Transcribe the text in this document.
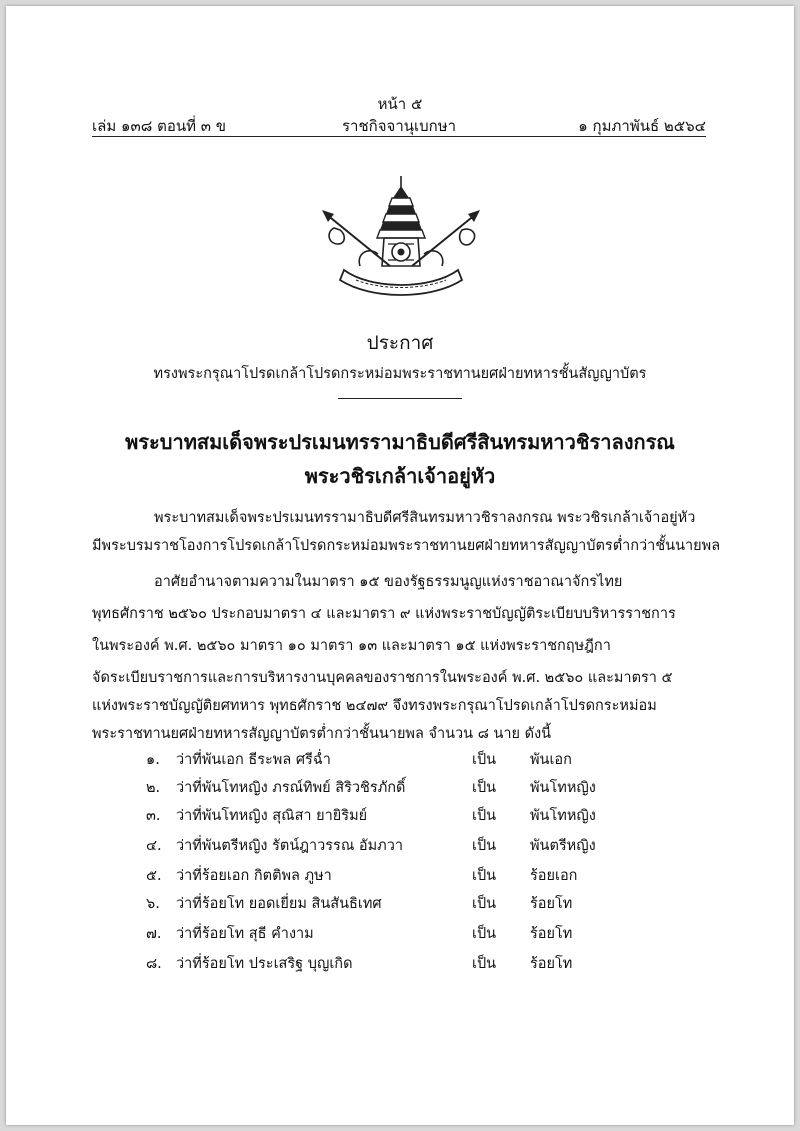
หน้า ๕
เล่ม ๑๓๘ ตอนที่ ๓ ข	ราชกิจจานุเบกษา	๑ กุมภาพันธ์ ๒๕๖๔
ประกาศ
ทรงพระกรุณาโปรดเกล้าโปรดกระหม่อมพระราชทานยศฝ่ายทหารชั้นสัญญาบัตร
พระบาทสมเด็จพระปรเมนทรรามาธิบดีศรีสินทรมหาวชิราลงกรณ
พระวชิรเกล้าเจ้าอยู่หัว
พระบาทสมเด็จพระปรเมนทรรามาธิบดีศรีสินทรมหาวชิราลงกรณ พระวชิรเกล้าเจ้าอยู่หัว
มีพระบรมราชโองการโปรดเกล้าโปรดกระหม่อมพระราชทานยศฝ่ายทหารสัญญาบัตรต่ำกว่าชั้นนายพล
อาศัยอำนาจตามความในมาตรา ๑๕ ของรัฐธรรมนูญแห่งราชอาณาจักรไทย
พุทธศักราช ๒๕๖๐ ประกอบมาตรา ๔ และมาตรา ๙ แห่งพระราชบัญญัติระเบียบบริหารราชการ
ในพระองค์ พ.ศ. ๒๕๖๐ มาตรา ๑๐ มาตรา ๑๓ และมาตรา ๑๕ แห่งพระราชกฤษฎีกา
จัดระเบียบราชการและการบริหารงานบุคคลของราชการในพระองค์ พ.ศ. ๒๕๖๐ และมาตรา ๕
แห่งพระราชบัญญัติยศทหาร พุทธศักราช ๒๔๗๙ จึงทรงพระกรุณาโปรดเกล้าโปรดกระหม่อม
พระราชทานยศฝ่ายทหารสัญญาบัตรต่ำกว่าชั้นนายพล จำนวน ๘ นาย ดังนี้
๑. ว่าที่พันเอก ธีระพล ศรีฉ่ำ	เป็น พันเอก
๒. ว่าที่พันโทหญิง ภรณ์ทิพย์ สิริวชิรภักดิ์	เป็น พันโทหญิง
๓. ว่าที่พันโทหญิง สุณิสา ยายิริมย์	เป็น พันโทหญิง
๔. ว่าที่พันตรีหญิง รัตน์ฎาวรรณ อัมภวา	เป็น พันตรีหญิง
๕. ว่าที่ร้อยเอก กิตติพล ภูษา	เป็น ร้อยเอก
๖. ว่าที่ร้อยโท ยอดเยี่ยม สินสันธิเทศ	เป็น ร้อยโท
๗. ว่าที่ร้อยโท สุธี คำงาม	เป็น ร้อยโท
๘. ว่าที่ร้อยโท ประเสริฐ บุญเกิด	เป็น ร้อยโท
